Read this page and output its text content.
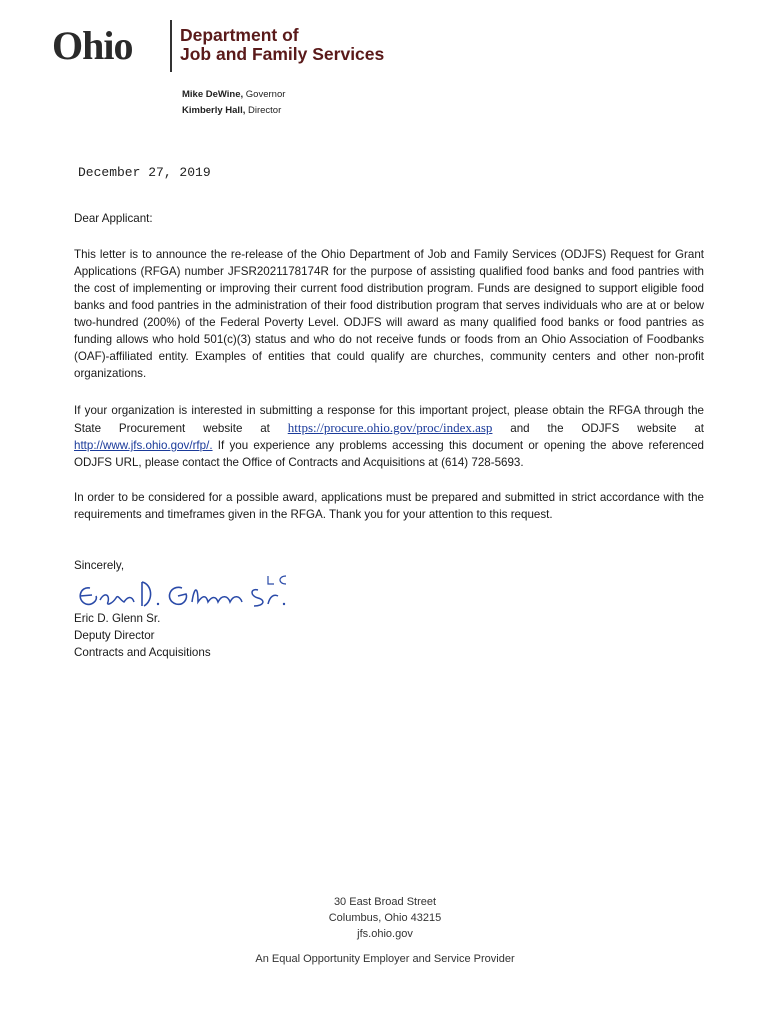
Ohio	Department of
Job and Family Services
Mike DeWine, Governor
Kimberly Hall, Director
December 27, 2019

Dear Applicant:

This letter is to announce the re-release of the Ohio Department of Job and Family Services (ODJFS) Request for Grant Applications (RFGA) number JFSR2021178174R for the purpose of assisting qualified food banks and food pantries with the cost of implementing or improving their current food distribution program. Funds are designed to support eligible food banks and food pantries in the administration of their food distribution program that serves individuals who are at or below two-hundred (200%) of the Federal Poverty Level. ODJFS will award as many qualified food banks or food pantries as funding allows who hold 501(c)(3) status and who do not receive funds or foods from an Ohio Association of Foodbanks (OAF)-affiliated entity. Examples of entities that could qualify are churches, community centers and other non-profit organizations.

If your organization is interested in submitting a response for this important project, please obtain the RFGA through the State Procurement website at https://procure.ohio.gov/proc/index.asp and the ODJFS website at http://www.jfs.ohio.gov/rfp/. If you experience any problems accessing this document or opening the above referenced ODJFS URL, please contact the Office of Contracts and Acquisitions at (614) 728-5693.

In order to be considered for a possible award, applications must be prepared and submitted in strict accordance with the requirements and timeframes given in the RFGA. Thank you for your attention to this request.

Sincerely,

Eric D. Glenn Sr.
Deputy Director
Contracts and Acquisitions
30 East Broad Street
Columbus, Ohio 43215
jfs.ohio.gov
An Equal Opportunity Employer and Service Provider
